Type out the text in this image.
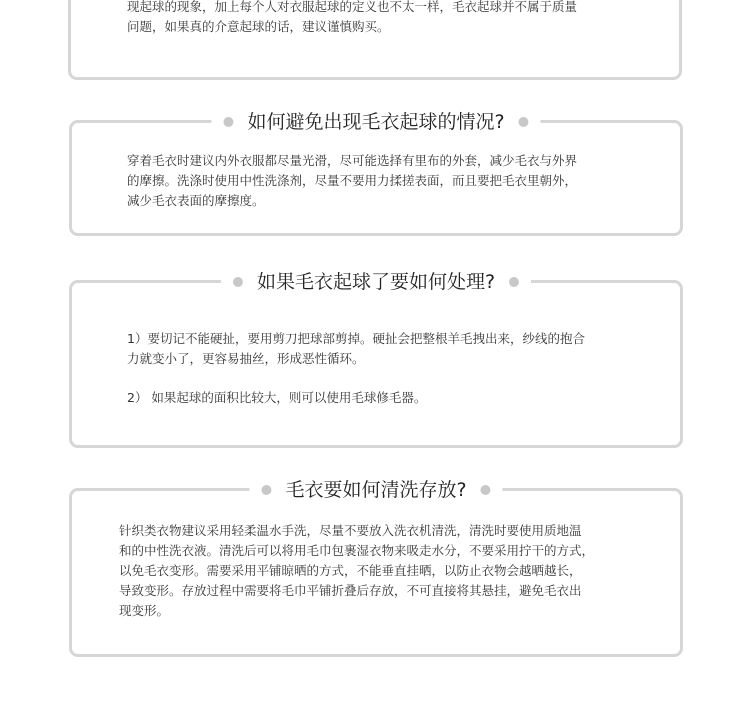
现起球的现象，加上每个人对衣服起球的定义也不太一样，毛衣起球并不属于质量
问题，如果真的介意起球的话，建议谨慎购买。

如何避免出现毛衣起球的情况?

穿着毛衣时建议内外衣服都尽量光滑，尽可能选择有里布的外套，减少毛衣与外界
的摩擦。洗涤时使用中性洗涤剂，尽量不要用力揉搓表面，而且要把毛衣里朝外，
减少毛衣表面的摩擦度。

如果毛衣起球了要如何处理?

1）要切记不能硬扯，要用剪刀把球部剪掉。硬扯会把整根羊毛拽出来，纱线的抱合
力就变小了，更容易抽丝，形成恶性循环。

2） 如果起球的面积比较大，则可以使用毛球修毛器。

毛衣要如何清洗存放?

针织类衣物建议采用轻柔温水手洗，尽量不要放入洗衣机清洗，清洗时要使用质地温
和的中性洗衣液。清洗后可以将用毛巾包裹湿衣物来吸走水分，不要采用拧干的方式，
以免毛衣变形。需要采用平铺晾晒的方式，不能垂直挂晒，以防止衣物会越晒越长，
导致变形。存放过程中需要将毛巾平铺折叠后存放，不可直接将其悬挂，避免毛衣出
现变形。
